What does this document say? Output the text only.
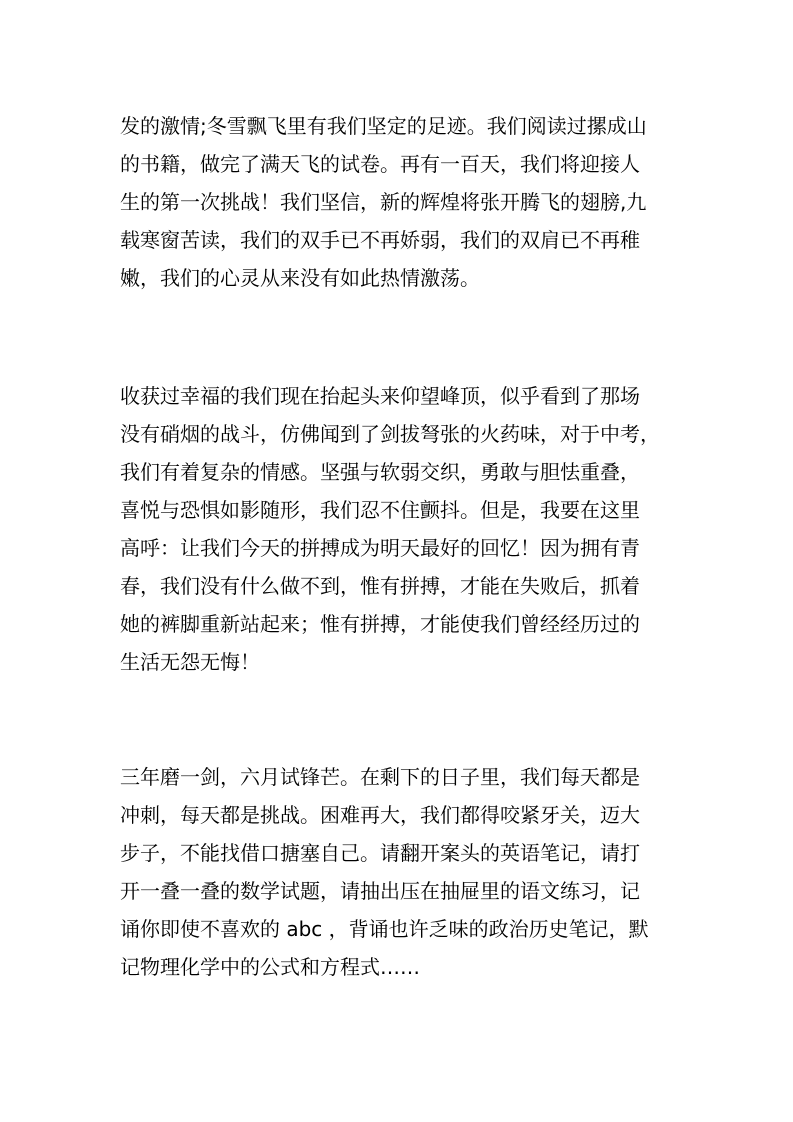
发的激情;冬雪飘飞里有我们坚定的足迹。我们阅读过摞成山
的书籍，做完了满天飞的试卷。再有一百天，我们将迎接人
生的第一次挑战！我们坚信，新的辉煌将张开腾飞的翅膀,九
载寒窗苦读，我们的双手已不再娇弱，我们的双肩已不再稚
嫩，我们的心灵从来没有如此热情激荡。
收获过幸福的我们现在抬起头来仰望峰顶，似乎看到了那场
没有硝烟的战斗，仿佛闻到了剑拔弩张的火药味，对于中考，
我们有着复杂的情感。坚强与软弱交织，勇敢与胆怯重叠，
喜悦与恐惧如影随形，我们忍不住颤抖。但是，我要在这里
高呼：让我们今天的拼搏成为明天最好的回忆！因为拥有青
春，我们没有什么做不到，惟有拼搏，才能在失败后，抓着
她的裤脚重新站起来；惟有拼搏，才能使我们曾经经历过的
生活无怨无悔！
三年磨一剑，六月试锋芒。在剩下的日子里，我们每天都是
冲刺，每天都是挑战。困难再大，我们都得咬紧牙关，迈大
步子，不能找借口搪塞自己。请翻开案头的英语笔记，请打
开一叠一叠的数学试题，请抽出压在抽屉里的语文练习，记
诵你即使不喜欢的 abc ，背诵也许乏味的政治历史笔记，默
记物理化学中的公式和方程式……
